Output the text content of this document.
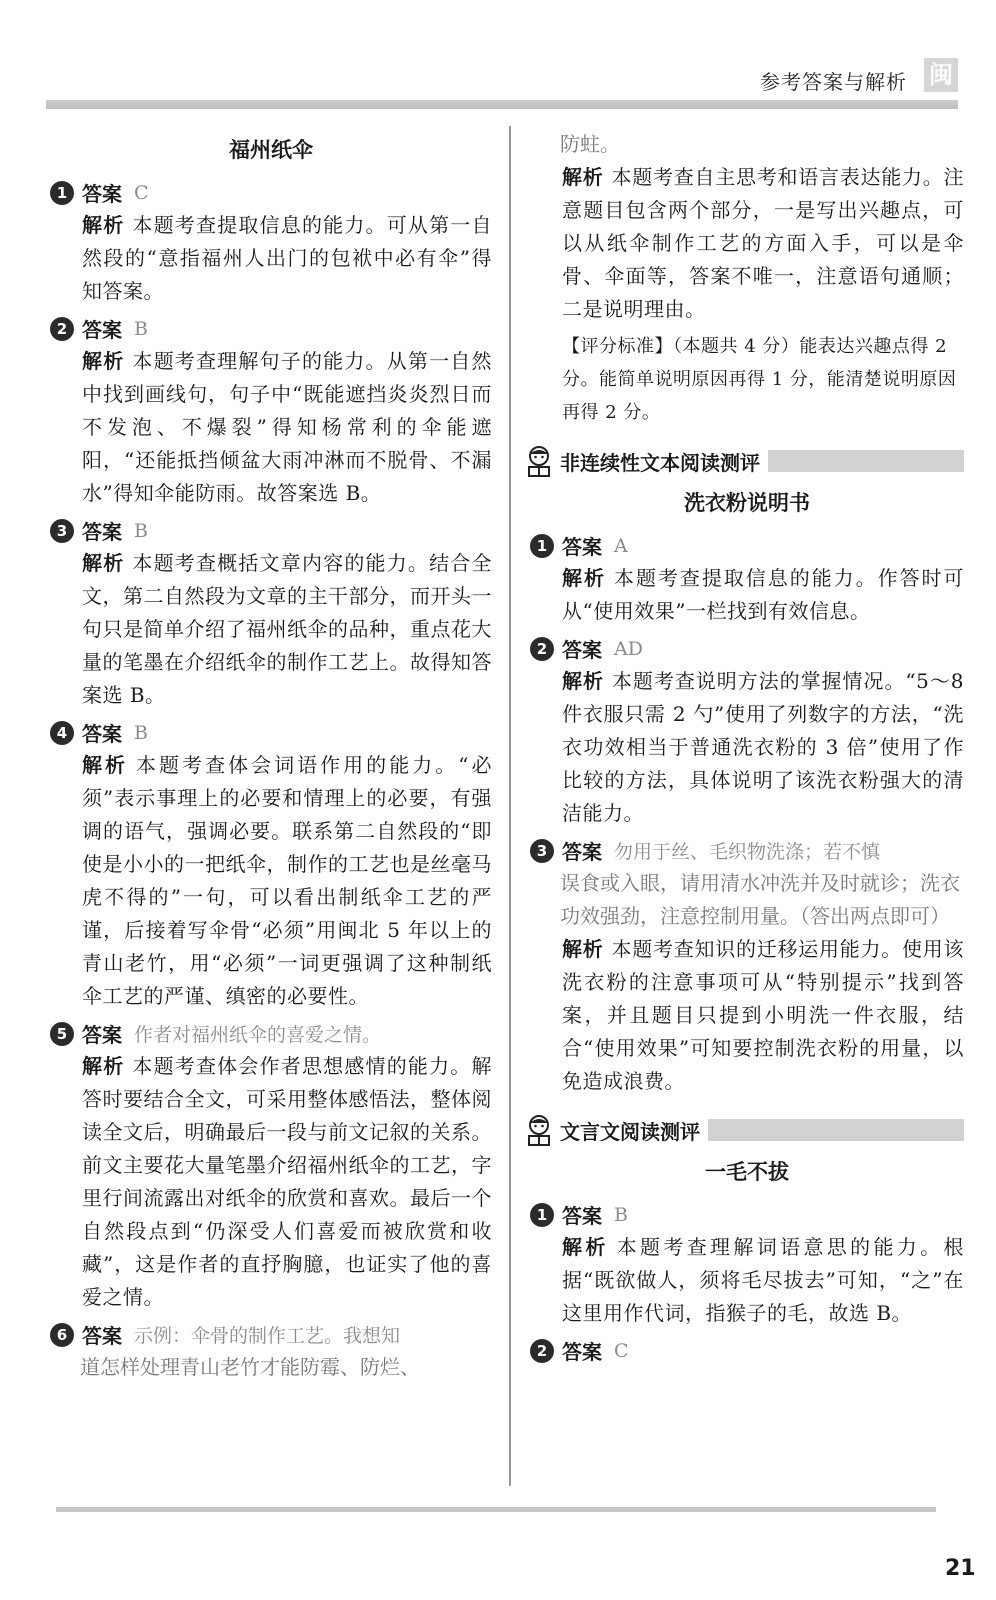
参考答案与解析 闽
福州纸伞
1 答案 C

解析 本题考查提取信息的能力。可从第一自然段的“意指福州人出门的包袱中必有伞”得知答案。

2 答案 B

解析 本题考查理解句子的能力。从第一自然中找到画线句，句子中“既能遮挡炎炎烈日而不发泡、不爆裂”得知杨常利的伞能遮阳，“还能抵挡倾盆大雨冲淋而不脱骨、不漏水”得知伞能防雨。故答案选 B。

3 答案 B

解析 本题考查概括文章内容的能力。结合全文，第二自然段为文章的主干部分，而开头一句只是简单介绍了福州纸伞的品种，重点花大量的笔墨在介绍纸伞的制作工艺上。故得知答案选 B。

4 答案 B

解析 本题考查体会词语作用的能力。“必须”表示事理上的必要和情理上的必要，有强调的语气，强调必要。联系第二自然段的“即使是小小的一把纸伞，制作的工艺也是丝毫马虎不得的”一句，可以看出制纸伞工艺的严谨，后接着写伞骨“必须”用闽北 5 年以上的青山老竹，用“必须”一词更强调了这种制纸伞工艺的严谨、缜密的必要性。

5 答案 作者对福州纸伞的喜爱之情。

解析 本题考查体会作者思想感情的能力。解答时要结合全文，可采用整体感悟法，整体阅读全文后，明确最后一段与前文记叙的关系。前文主要花大量笔墨介绍福州纸伞的工艺，字里行间流露出对纸伞的欣赏和喜欢。最后一个自然段点到“仍深受人们喜爱而被欣赏和收藏”，这是作者的直抒胸臆，也证实了他的喜爱之情。

6 答案 示例：伞骨的制作工艺。我想知
道怎样处理青山老竹才能防霉、防烂、
防蛀。

解析 本题考查自主思考和语言表达能力。注意题目包含两个部分，一是写出兴趣点，可以从纸伞制作工艺的方面入手，可以是伞骨、伞面等，答案不唯一，注意语句通顺；二是说明理由。

【评分标准】（本题共 4 分）能表达兴趣点得 2 分。能简单说明原因再得 1 分，能清楚说明原因再得 2 分。

非连续性文本阅读测评
洗衣粉说明书
1 答案 A

解析 本题考查提取信息的能力。作答时可从“使用效果”一栏找到有效信息。

2 答案 AD

解析 本题考查说明方法的掌握情况。“5～8 件衣服只需 2 勺”使用了列数字的方法，“洗衣功效相当于普通洗衣粉的 3 倍”使用了作比较的方法，具体说明了该洗衣粉强大的清洁能力。

3 答案 勿用于丝、毛织物洗涤；若不慎
误食或入眼，请用清水冲洗并及时就诊；洗衣功效强劲，注意控制用量。（答出两点即可）

解析 本题考查知识的迁移运用能力。使用该洗衣粉的注意事项可从“特别提示”找到答案，并且题目只提到小明洗一件衣服，结合“使用效果”可知要控制洗衣粉的用量，以免造成浪费。

文言文阅读测评
一毛不拔
1 答案 B

解析 本题考查理解词语意思的能力。根据“既欲做人，须将毛尽拔去”可知，“之”在这里用作代词，指猴子的毛，故选 B。

2 答案 C
21
